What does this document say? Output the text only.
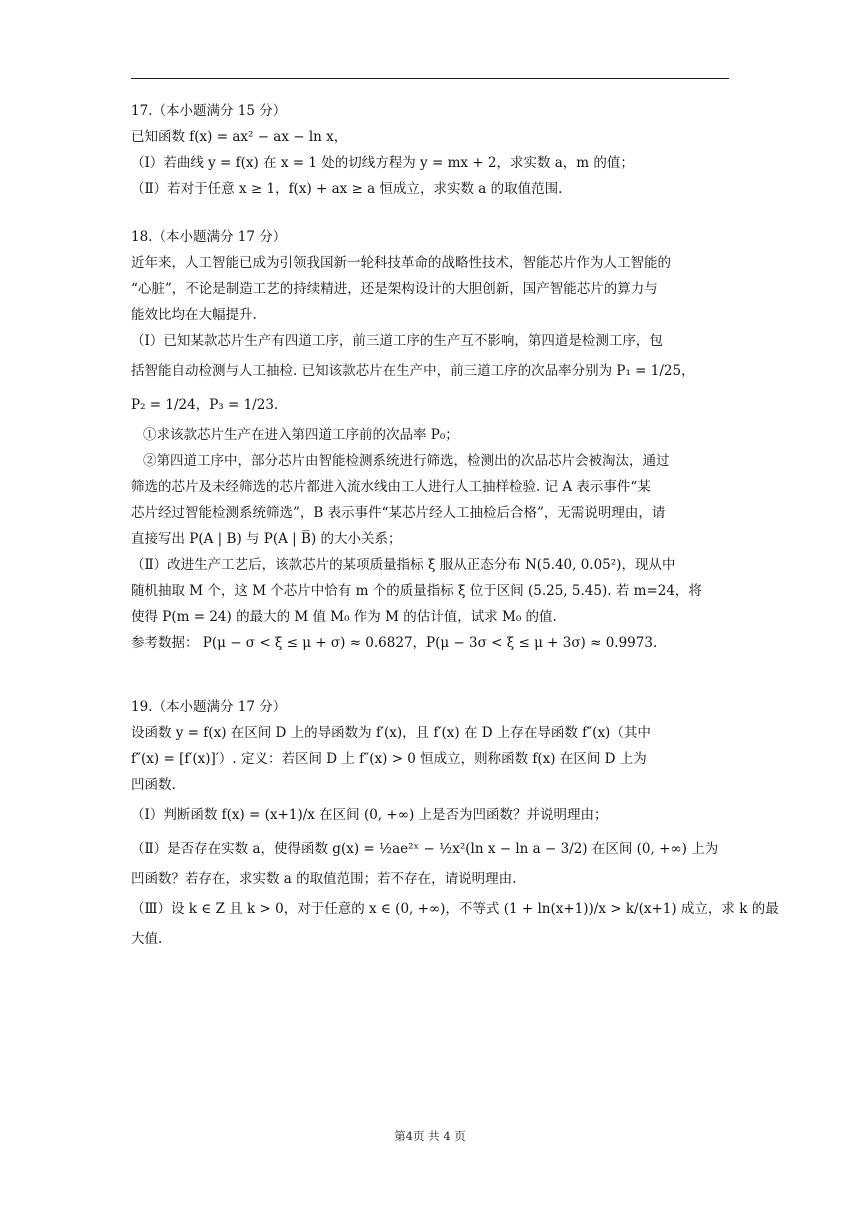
17.（本小题满分 15 分）
已知函数 f(x) = ax² − ax − ln x，
（Ⅰ）若曲线 y = f(x) 在 x = 1 处的切线方程为 y = mx + 2，求实数 a，m 的值；
（Ⅱ）若对于任意 x ≥ 1，f(x) + ax ≥ a 恒成立，求实数 a 的取值范围.
18.（本小题满分 17 分）
近年来，人工智能已成为引领我国新一轮科技革命的战略性技术，智能芯片作为人工智能的
“心脏”，不论是制造工艺的持续精进，还是架构设计的大胆创新，国产智能芯片的算力与
能效比均在大幅提升.
（Ⅰ）已知某款芯片生产有四道工序，前三道工序的生产互不影响，第四道是检测工序，包
括智能自动检测与人工抽检. 已知该款芯片在生产中，前三道工序的次品率分别为 P₁ = 1/25，
P₂ = 1/24，P₃ = 1/23.
①求该款芯片生产在进入第四道工序前的次品率 P₀；
②第四道工序中，部分芯片由智能检测系统进行筛选，检测出的次品芯片会被淘汰，通过
筛选的芯片及未经筛选的芯片都进入流水线由工人进行人工抽样检验. 记 A 表示事件“某
芯片经过智能检测系统筛选”，B 表示事件“某芯片经人工抽检后合格”，无需说明理由，请
直接写出 P(A | B) 与 P(A | B̅) 的大小关系；
（Ⅱ）改进生产工艺后，该款芯片的某项质量指标 ξ 服从正态分布 N(5.40, 0.05²)，现从中
随机抽取 M 个，这 M 个芯片中恰有 m 个的质量指标 ξ 位于区间 (5.25, 5.45). 若 m=24，将
使得 P(m = 24) 的最大的 M 值 M₀ 作为 M 的估计值，试求 M₀ 的值.
参考数据： P(μ − σ < ξ ≤ μ + σ) ≈ 0.6827，P(μ − 3σ < ξ ≤ μ + 3σ) ≈ 0.9973.
19.（本小题满分 17 分）
设函数 y = f(x) 在区间 D 上的导函数为 f′(x)，且 f′(x) 在 D 上存在导函数 f″(x)（其中
f″(x) = [f′(x)]′）. 定义：若区间 D 上 f″(x) > 0 恒成立，则称函数 f(x) 在区间 D 上为
凹函数.
（Ⅰ）判断函数 f(x) = (x+1)/x 在区间 (0, +∞) 上是否为凹函数？并说明理由；
（Ⅱ）是否存在实数 a，使得函数 g(x) = ½ae²ˣ − ½x²(ln x − ln a − 3/2) 在区间 (0, +∞) 上为
凹函数？若存在，求实数 a 的取值范围；若不存在，请说明理由.
（Ⅲ）设 k ∈ Z 且 k > 0，对于任意的 x ∈ (0, +∞)，不等式 (1 + ln(x+1))/x > k/(x+1) 成立，求 k 的最
大值.
第4页 共 4 页
